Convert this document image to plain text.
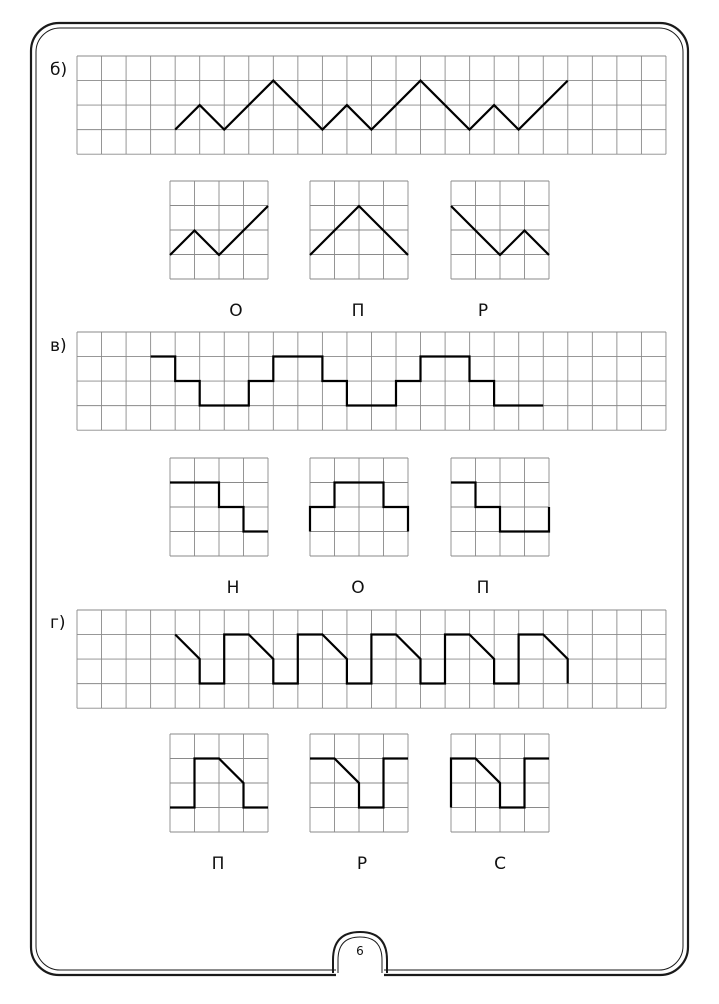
6
б)
О	П	Р
в)
Н	О	П
г)
П	Р	С
